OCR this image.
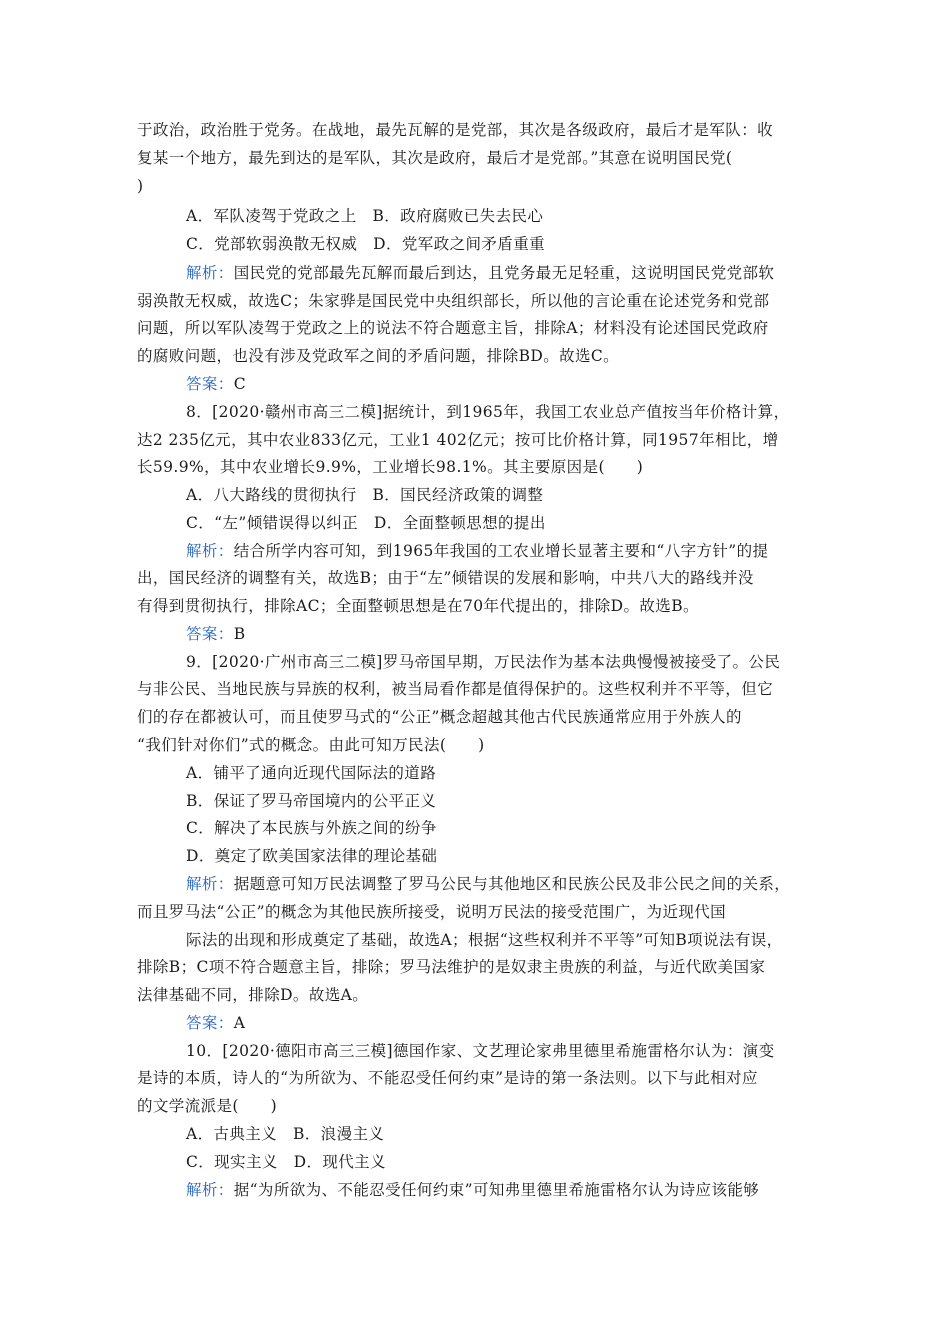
于政治，政治胜于党务。在战地，最先瓦解的是党部，其次是各级政府，最后才是军队：收
复某一个地方，最先到达的是军队，其次是政府，最后才是党部。”其意在说明国民党(
)
A．军队凌驾于党政之上　B．政府腐败已失去民心
C．党部软弱涣散无权威　D．党军政之间矛盾重重
解析：国民党的党部最先瓦解而最后到达，且党务最无足轻重，这说明国民党党部软
弱涣散无权威，故选C；朱家骅是国民党中央组织部长，所以他的言论重在论述党务和党部
问题，所以军队凌驾于党政之上的说法不符合题意主旨，排除A；材料没有论述国民党政府
的腐败问题，也没有涉及党政军之间的矛盾问题，排除BD。故选C。
答案：C
8．[2020·赣州市高三二模]据统计，到1965年，我国工农业总产值按当年价格计算，
达2 235亿元，其中农业833亿元，工业1 402亿元；按可比价格计算，同1957年相比，增
长59.9%，其中农业增长9.9%，工业增长98.1%。其主要原因是(　　)
A．八大路线的贯彻执行　B．国民经济政策的调整
C．“左”倾错误得以纠正　D．全面整顿思想的提出
解析：结合所学内容可知，到1965年我国的工农业增长显著主要和“八字方针”的提
出，国民经济的调整有关，故选B；由于“左”倾错误的发展和影响，中共八大的路线并没
有得到贯彻执行，排除AC；全面整顿思想是在70年代提出的，排除D。故选B。
答案：B
9．[2020·广州市高三二模]罗马帝国早期，万民法作为基本法典慢慢被接受了。公民
与非公民、当地民族与异族的权利，被当局看作都是值得保护的。这些权利并不平等，但它
们的存在都被认可，而且使罗马式的“公正”概念超越其他古代民族通常应用于外族人的
“我们针对你们”式的概念。由此可知万民法(　　)
A．铺平了通向近现代国际法的道路
B．保证了罗马帝国境内的公平正义
C．解决了本民族与外族之间的纷争
D．奠定了欧美国家法律的理论基础
解析：据题意可知万民法调整了罗马公民与其他地区和民族公民及非公民之间的关系，
而且罗马法“公正”的概念为其他民族所接受，说明万民法的接受范围广，为近现代国
际法的出现和形成奠定了基础，故选A；根据“这些权利并不平等”可知B项说法有误，
排除B；C项不符合题意主旨，排除；罗马法维护的是奴隶主贵族的利益，与近代欧美国家
法律基础不同，排除D。故选A。
答案：A
10．[2020·德阳市高三三模]德国作家、文艺理论家弗里德里希施雷格尔认为：演变
是诗的本质，诗人的“为所欲为、不能忍受任何约束”是诗的第一条法则。以下与此相对应
的文学流派是(　　)
A．古典主义　B．浪漫主义
C．现实主义　D．现代主义
解析：据“为所欲为、不能忍受任何约束”可知弗里德里希施雷格尔认为诗应该能够
